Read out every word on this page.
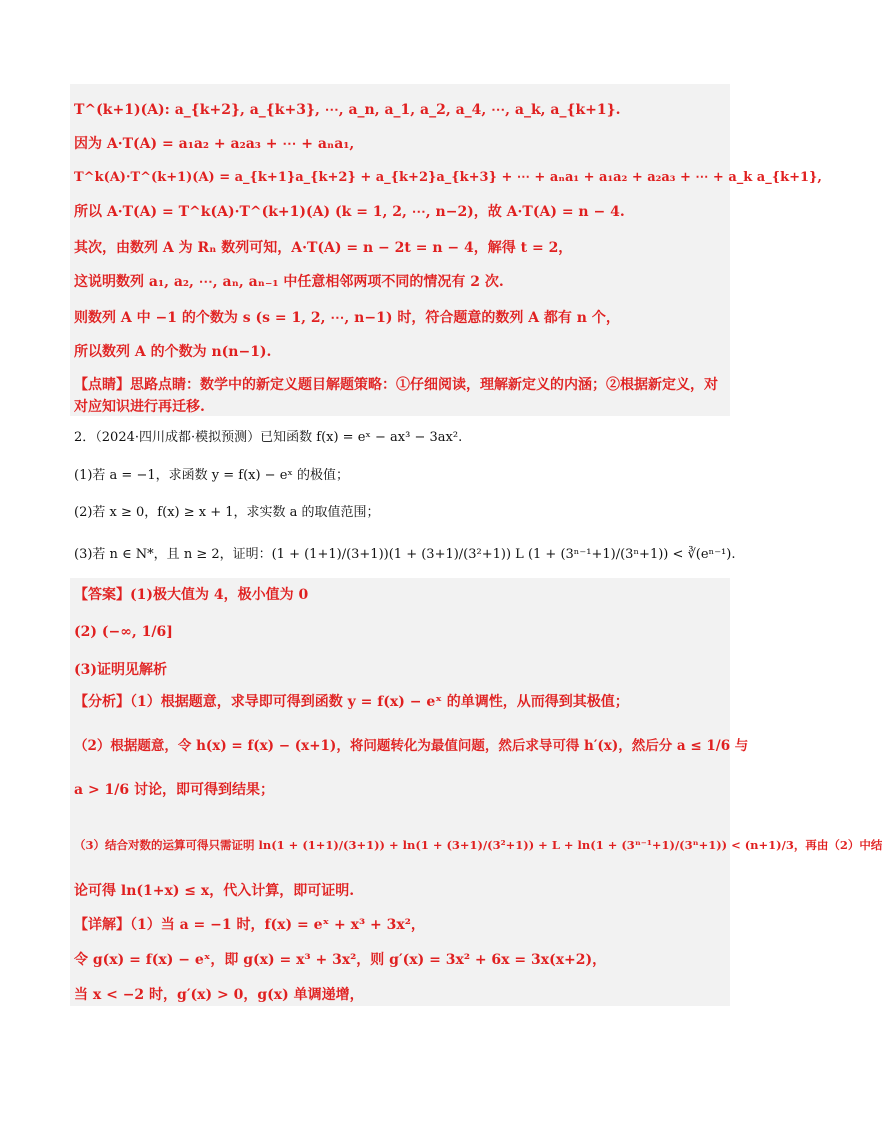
T^(k+1)(A): a_{k+2}, a_{k+3}, ⋯, a_n, a_1, a_2, a_4, ⋯, a_k, a_{k+1}.
因为 A·T(A) = a₁a₂ + a₂a₃ + ⋯ + aₙa₁,
T^k(A)·T^(k+1)(A) = a_{k+1}a_{k+2} + a_{k+2}a_{k+3} + ⋯ + aₙa₁ + a₁a₂ + a₂a₃ + ⋯ + a_k a_{k+1},
所以 A·T(A) = T^k(A)·T^(k+1)(A) (k = 1, 2, ⋯, n−2)，故 A·T(A) = n − 4.
其次，由数列 A 为 Rₙ 数列可知，A·T(A) = n − 2t = n − 4，解得 t = 2，
这说明数列 a₁, a₂, ⋯, aₙ, aₙ₋₁ 中任意相邻两项不同的情况有 2 次.
则数列 A 中 −1 的个数为 s (s = 1, 2, ⋯, n−1) 时，符合题意的数列 A 都有 n 个，
所以数列 A 的个数为 n(n−1).
【点睛】思路点睛：数学中的新定义题目解题策略：①仔细阅读，理解新定义的内涵；②根据新定义，对
对应知识进行再迁移.
2．（2024·四川成都·模拟预测）已知函数 f(x) = eˣ − ax³ − 3ax².
(1)若 a = −1，求函数 y = f(x) − eˣ 的极值；
(2)若 x ≥ 0，f(x) ≥ x + 1，求实数 a 的取值范围；
(3)若 n ∈ N*，且 n ≥ 2，证明：(1 + (1+1)/(3+1))(1 + (3+1)/(3²+1)) L (1 + (3ⁿ⁻¹+1)/(3ⁿ+1)) < ∛(eⁿ⁻¹).
【答案】(1)极大值为 4，极小值为 0
(2) (−∞, 1/6]
(3)证明见解析
【分析】（1）根据题意，求导即可得到函数 y = f(x) − eˣ 的单调性，从而得到其极值；
（2）根据题意，令 h(x) = f(x) − (x+1)，将问题转化为最值问题，然后求导可得 h′(x)，然后分 a ≤ 1/6 与
a > 1/6 讨论，即可得到结果；
（3）结合对数的运算可得只需证明 ln(1 + (1+1)/(3+1)) + ln(1 + (3+1)/(3²+1)) + L + ln(1 + (3ⁿ⁻¹+1)/(3ⁿ+1)) < (n+1)/3，再由（2）中结
论可得 ln(1+x) ≤ x，代入计算，即可证明.
【详解】（1）当 a = −1 时，f(x) = eˣ + x³ + 3x²，
令 g(x) = f(x) − eˣ，即 g(x) = x³ + 3x²，则 g′(x) = 3x² + 6x = 3x(x+2)，
当 x < −2 时，g′(x) > 0，g(x) 单调递增，
